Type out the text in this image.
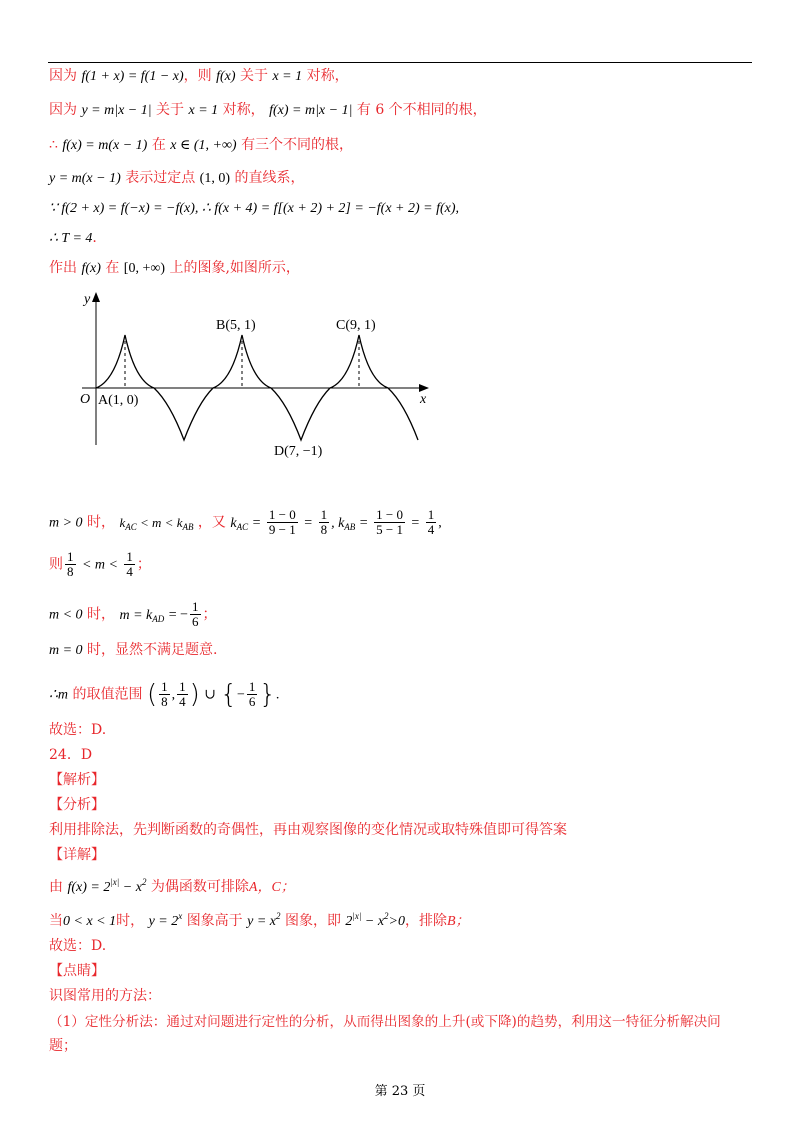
因为 f(1 + x) = f(1 − x)，则 f(x) 关于 x = 1 对称，
因为 y = m|x − 1| 关于 x = 1 对称， f(x) = m|x − 1| 有 6 个不相同的根，
∴ f(x) = m(x − 1) 在 x ∈ (1, +∞) 有三个不同的根，
y = m(x − 1) 表示过定点 (1, 0) 的直线系，
∵ f(2 + x) = f(−x) = −f(x), ∴ f(x + 4) = f[(x + 2) + 2] = −f(x + 2) = f(x),
∴ T = 4.
作出 f(x) 在 [0, +∞) 上的图象,如图所示，
y
x
O A(1, 0)
B(5, 1)	C(9, 1)
D(7, −1)
m > 0 时， $k_{AC} < m < k_{AB}$ ，又 $k_{AC} = \frac{1 - 0}{9 - 1} = \frac{1}{8}$ , $k_{AB} = \frac{1 - 0}{5 - 1} = \frac{1}{4}$ ,
则 $\frac{1}{8} < m < \frac{1}{4}$ ；
m < 0 时， $m = k_{AD}$ = − $\frac{1}{6}$ ；
m = 0 时，显然不满足题意.
∴m 的取值范围 ( $\frac{1}{8}$ , $\frac{1}{4}$ ) ∪ {− $\frac{1}{6}$ }.
故选：D.
24．D
【解析】
【分析】
利用排除法，先判断函数的奇偶性，再由观察图像的变化情况或取特殊值即可得答案
【详解】
由 $f(x) = 2^{|x|} - x^2$ 为偶函数可排除A，C；
当0 < x < 1时， $y = 2^x$ 图象高于 $y = x^2$ 图象，即 $2^{|x|} - x^2>0$，排除B；
故选：D.
【点睛】
识图常用的方法：
（1）定性分析法：通过对问题进行定性的分析，从而得出图象的上升(或下降)的趋势，利用这一特征分析解决问
题；
第 23 页
